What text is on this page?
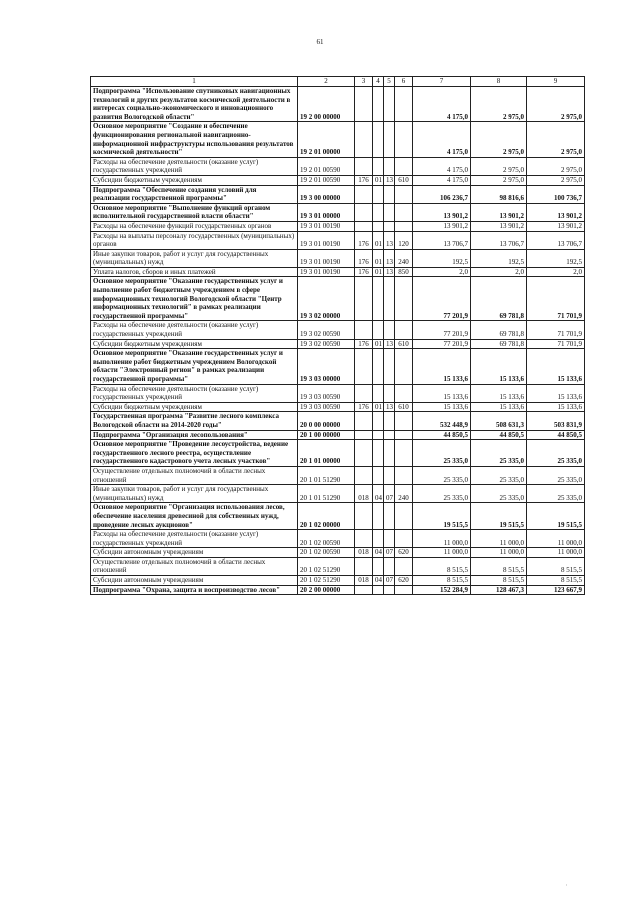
61
1	2	3	4	5	6	7	8	9
Подпрограмма "Использование спутниковых навигационных технологий и других результатов космической деятельности в интересах социально-экономического и инновационного развития Вологодской области"	19 2 00 00000					4 175,0	2 975,0	2 975,0
Основное мероприятие "Создание и обеспечение функционирования региональной навигационно-информационной инфраструктуры использования результатов космической деятельности"	19 2 01 00000					4 175,0	2 975,0	2 975,0
Расходы на обеспечение деятельности (оказание услуг) государственных учреждений	19 2 01 00590					4 175,0	2 975,0	2 975,0
Субсидии бюджетным учреждениям	19 2 01 00590	176	01	13	610	4 175,0	2 975,0	2 975,0
Подпрограмма "Обеспечение создания условий для реализации государственной программы"	19 3 00 00000					106 236,7	98 816,6	100 736,7
Основное мероприятие "Выполнение функций органом исполнительной государственной власти области"	19 3 01 00000					13 901,2	13 901,2	13 901,2
Расходы на обеспечение функций государственных органов	19 3 01 00190					13 901,2	13 901,2	13 901,2
Расходы на выплаты персоналу государственных (муниципальных) органов	19 3 01 00190	176	01	13	120	13 706,7	13 706,7	13 706,7
Иные закупки товаров, работ и услуг для государственных (муниципальных) нужд	19 3 01 00190	176	01	13	240	192,5	192,5	192,5
Уплата налогов, сборов и иных платежей	19 3 01 00190	176	01	13	850	2,0	2,0	2,0
Основное мероприятие "Оказание государственных услуг и выполнение работ бюджетным учреждением в сфере информационных технологий Вологодской области "Центр информационных технологий" в рамках реализации государственной программы"	19 3 02 00000					77 201,9	69 781,8	71 701,9
Расходы на обеспечение деятельности (оказание услуг) государственных учреждений	19 3 02 00590					77 201,9	69 781,8	71 701,9
Субсидии бюджетным учреждениям	19 3 02 00590	176	01	13	610	77 201,9	69 781,8	71 701,9
Основное мероприятие "Оказание государственных услуг и выполнение работ бюджетным учреждением Вологодской области "Электронный регион" в рамках реализации государственной программы"	19 3 03 00000					15 133,6	15 133,6	15 133,6
Расходы на обеспечение деятельности (оказание услуг) государственных учреждений	19 3 03 00590					15 133,6	15 133,6	15 133,6
Субсидии бюджетным учреждениям	19 3 03 00590	176	01	13	610	15 133,6	15 133,6	15 133,6
Государственная программа "Развитие лесного комплекса Вологодской области на 2014-2020 годы"	20 0 00 00000					532 448,9	508 631,3	503 831,9
Подпрограмма "Организация лесопользования"	20 1 00 00000					44 850,5	44 850,5	44 850,5
Основное мероприятие "Проведение лесоустройства, ведение государственного лесного реестра, осуществление государственного кадастрового учета лесных участков"	20 1 01 00000					25 335,0	25 335,0	25 335,0
Осуществление отдельных полномочий в области лесных отношений	20 1 01 51290					25 335,0	25 335,0	25 335,0
Иные закупки товаров, работ и услуг для государственных (муниципальных) нужд	20 1 01 51290	018	04	07	240	25 335,0	25 335,0	25 335,0
Основное мероприятие "Организация использования лесов, обеспечение населения древесиной для собственных нужд, проведение лесных аукционов"	20 1 02 00000					19 515,5	19 515,5	19 515,5
Расходы на обеспечение деятельности (оказание услуг) государственных учреждений	20 1 02 00590					11 000,0	11 000,0	11 000,0
Субсидии автономным учреждениям	20 1 02 00590	018	04	07	620	11 000,0	11 000,0	11 000,0
Осуществление отдельных полномочий в области лесных отношений	20 1 02 51290					8 515,5	8 515,5	8 515,5
Субсидии автономным учреждениям	20 1 02 51290	018	04	07	620	8 515,5	8 515,5	8 515,5
Подпрограмма "Охрана, защита и воспроизводство лесов"	20 2 00 00000					152 284,9	128 467,3	123 667,9
'
